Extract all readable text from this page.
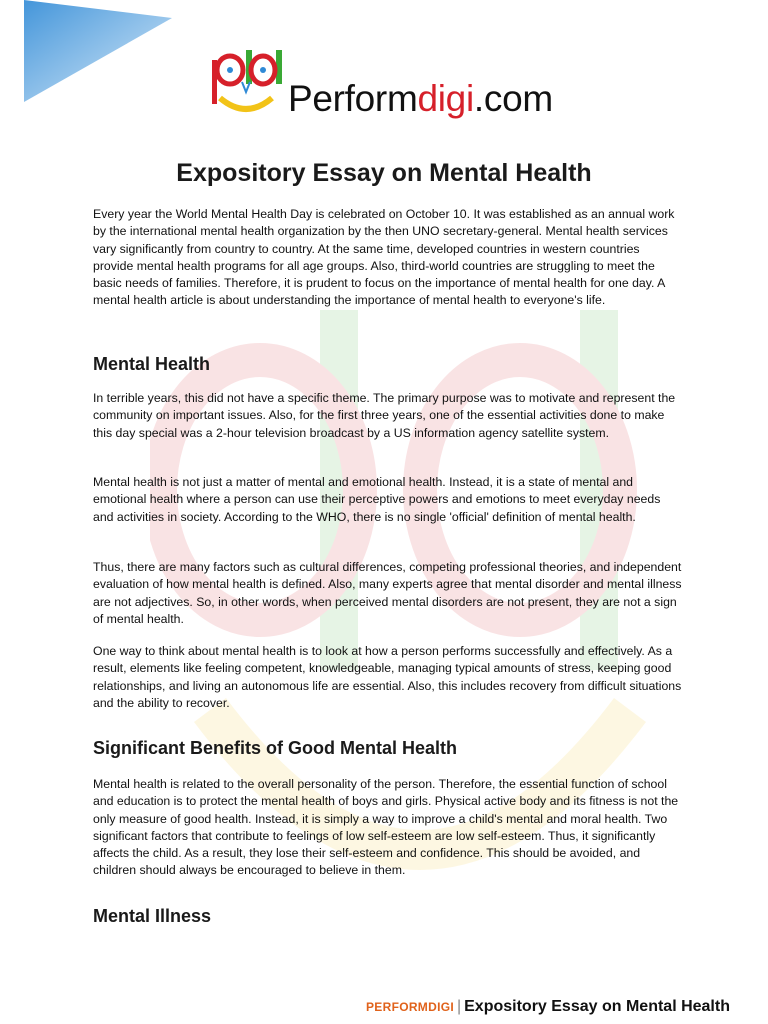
Performdigi.com
Expository Essay on Mental Health

Every year the World Mental Health Day is celebrated on October 10. It was established as an annual work by the international mental health organization by the then UNO secretary-general. Mental health services vary significantly from country to country. At the same time, developed countries in western countries provide mental health programs for all age groups. Also, third-world countries are struggling to meet the basic needs of families. Therefore, it is prudent to focus on the importance of mental health for one day. A mental health article is about understanding the importance of mental health to everyone's life.

Mental Health

In terrible years, this did not have a specific theme. The primary purpose was to motivate and represent the community on important issues. Also, for the first three years, one of the essential activities done to make this day special was a 2-hour television broadcast by a US information agency satellite system.

Mental health is not just a matter of mental and emotional health. Instead, it is a state of mental and emotional health where a person can use their perceptive powers and emotions to meet everyday needs and activities in society. According to the WHO, there is no single 'official' definition of mental health.

Thus, there are many factors such as cultural differences, competing professional theories, and independent evaluation of how mental health is defined. Also, many experts agree that mental disorder and mental illness are not adjectives. So, in other words, when perceived mental disorders are not present, they are not a sign of mental health.

One way to think about mental health is to look at how a person performs successfully and effectively. As a result, elements like feeling competent, knowledgeable, managing typical amounts of stress, keeping good relationships, and living an autonomous life are essential. Also, this includes recovery from difficult situations and the ability to recover.

Significant Benefits of Good Mental Health

Mental health is related to the overall personality of the person. Therefore, the essential function of school and education is to protect the mental health of boys and girls. Physical active body and its fitness is not the only measure of good health. Instead, it is simply a way to improve a child's mental and moral health. Two significant factors that contribute to feelings of low self-esteem are low self-esteem. Thus, it significantly affects the child. As a result, they lose their self-esteem and confidence. This should be avoided, and children should always be encouraged to believe in them.

Mental Illness
PERFORMDIGI | Expository Essay on Mental Health
